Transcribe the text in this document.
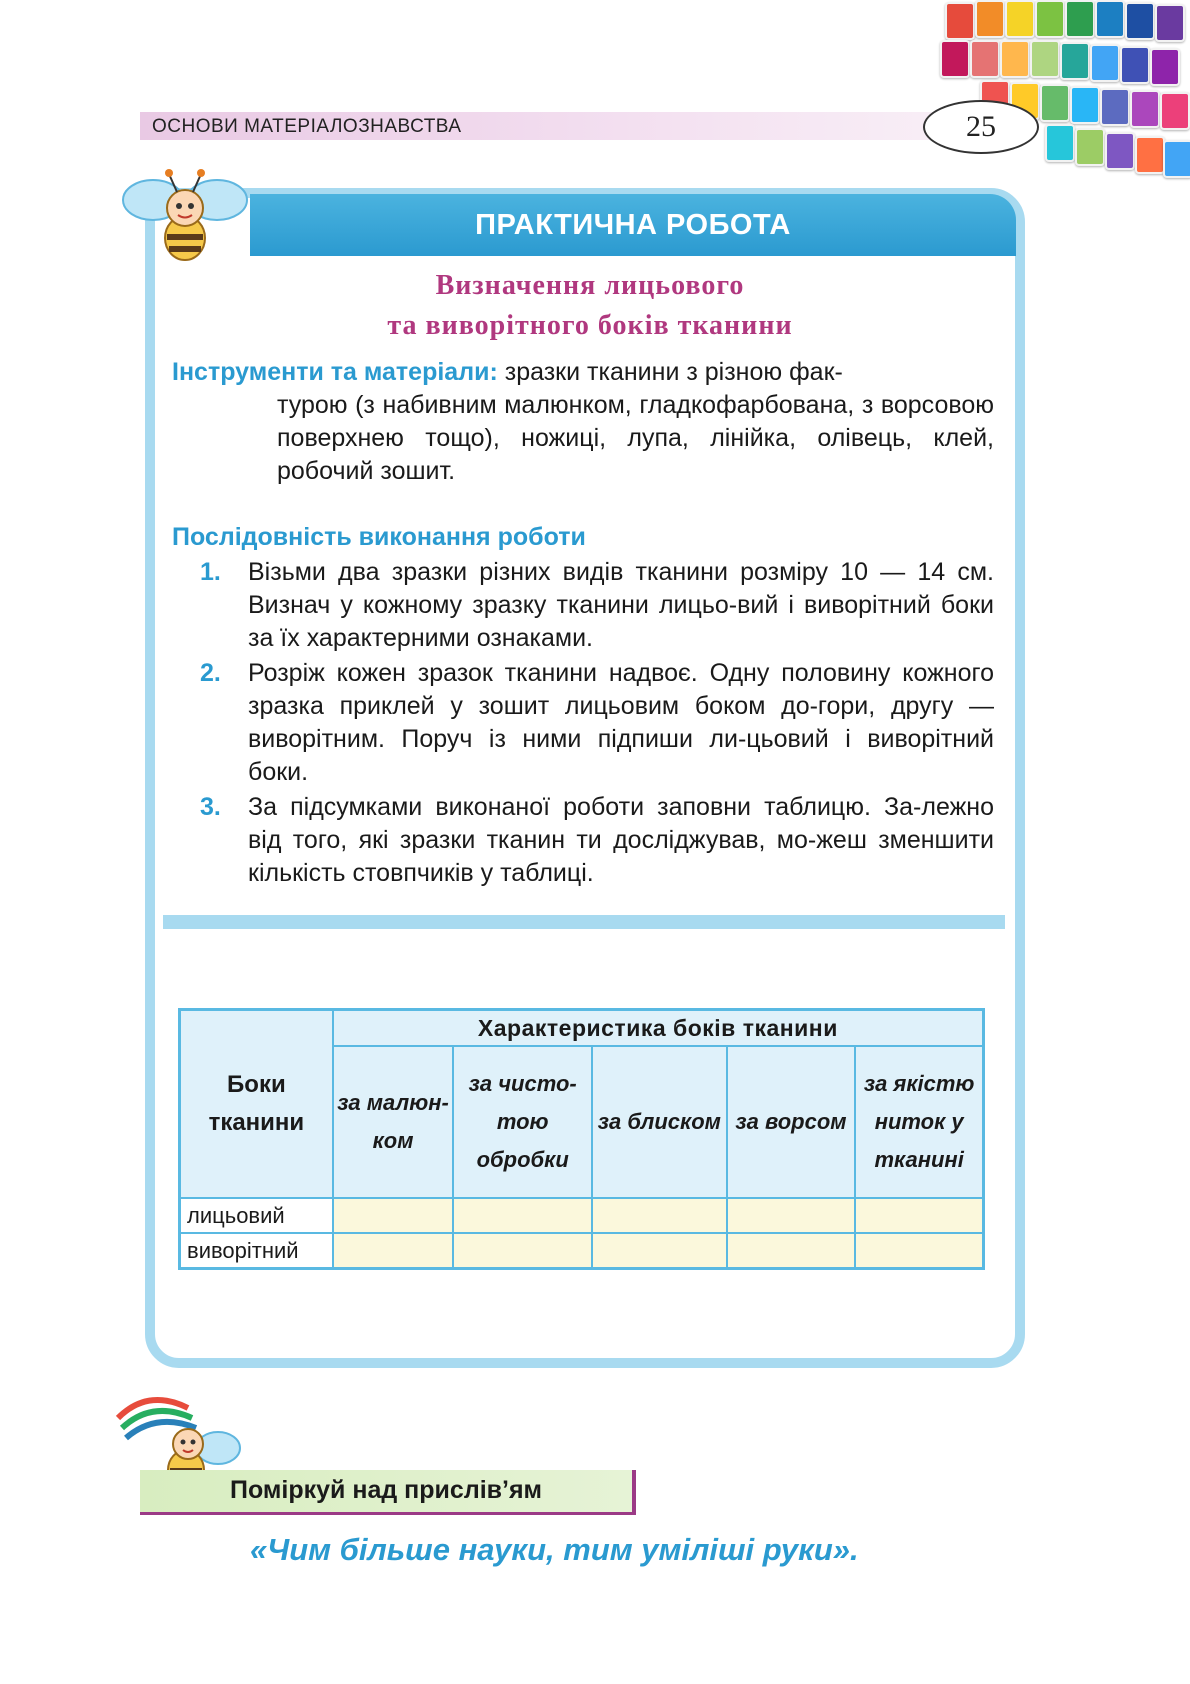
ОСНОВИ МАТЕРІАЛОЗНАВСТВА	25
ПРАКТИЧНА РОБОТА
Визначення лицьового
та виворітного боків тканини
Інструменти та матеріали: зразки тканини з різною фак-
турою (з набивним малюнком, гладкофарбована, з ворсовою поверхнею тощо), ножиці, лупа, лінійка, олівець, клей, робочий зошит.
Послідовність виконання роботи
1. Візьми два зразки різних видів тканини розміру 10 — 14 см. Визнач у кожному зразку тканини лицьо-вий і виворітний боки за їх характерними ознаками.
2. Розріж кожен зразок тканини надвоє. Одну половину кожного зразка приклей у зошит лицьовим боком до-гори, другу — виворітним. Поруч із ними підпиши ли-цьовий і виворітний боки.
3. За підсумками виконаної роботи заповни таблицю. За-лежно від того, які зразки тканин ти досліджував, мо-жеш зменшити кількість стовпчиків у таблиці.
Боки тканини	Характеристика боків тканини				
	за малюн-ком	за чисто-тою обробки	за блиском	за ворсом	за якістю ниток у тканині
лицьовий					
виворітний					
Поміркуй над прислів’ям
«Чим більше науки, тим уміліші руки».
